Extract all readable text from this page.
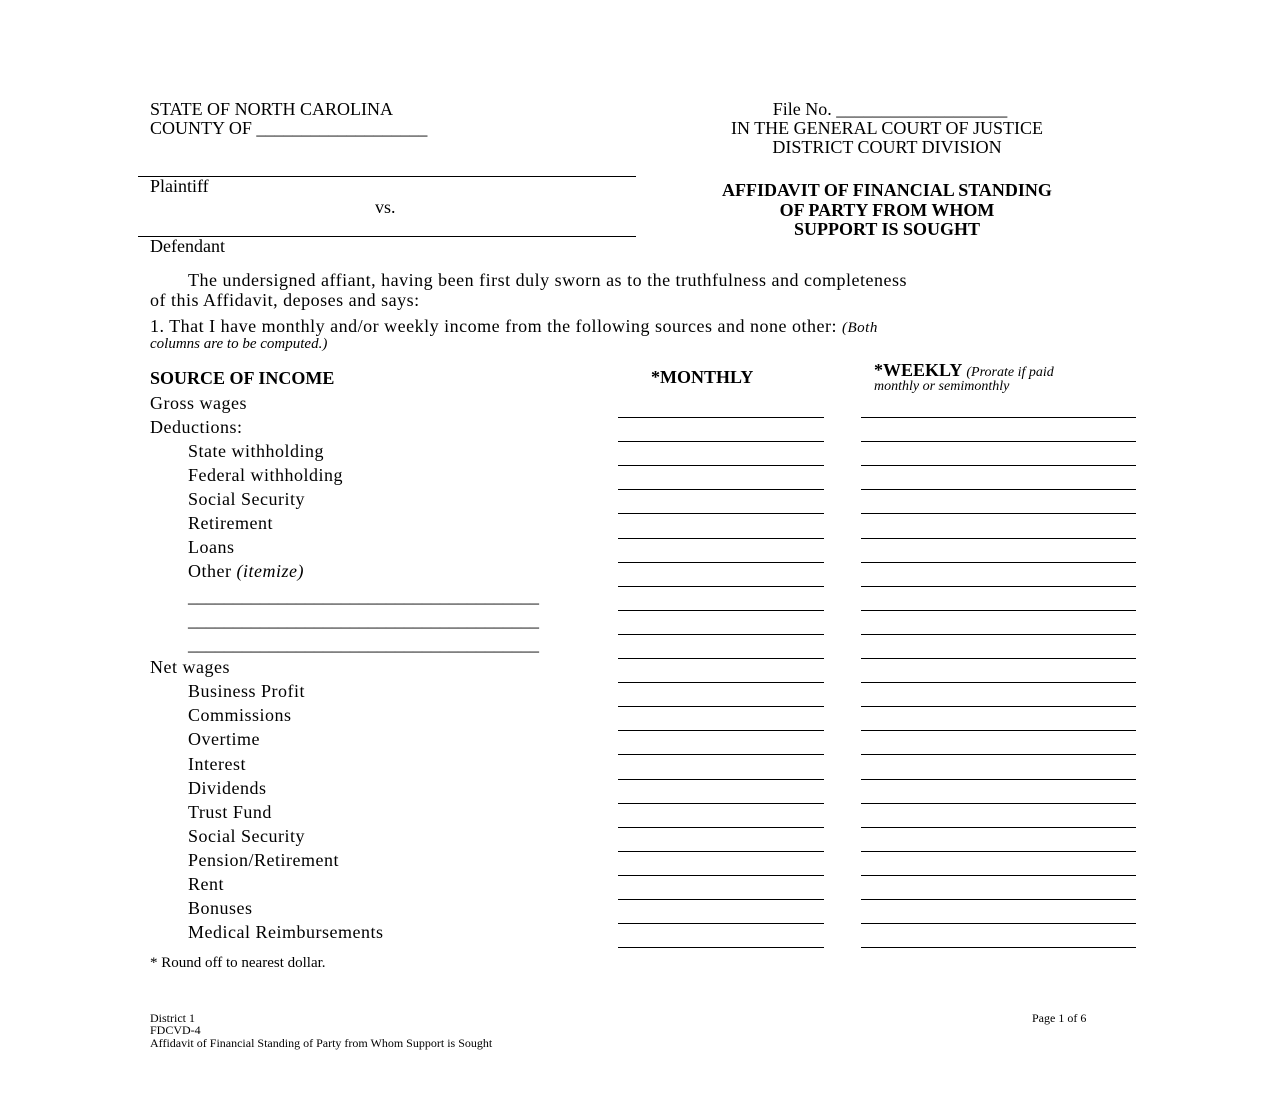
STATE OF NORTH CAROLINA
COUNTY OF ___________________
File No. ___________________
IN THE GENERAL COURT OF JUSTICE
DISTRICT COURT DIVISION
Plaintiff
vs.
Defendant
AFFIDAVIT OF FINANCIAL STANDING
OF PARTY FROM WHOM
SUPPORT IS SOUGHT
The undersigned affiant, having been first duly sworn as to the truthfulness and completeness
of this Affidavit, deposes and says:
1. That I have monthly and/or weekly income from the following sources and none other: (Both
columns are to be computed.)
SOURCE OF INCOME	*MONTHLY	*WEEKLY (Prorate if paid
monthly or semimonthly
Gross wages
Deductions:
State withholding
Federal withholding
Social Security
Retirement
Loans
Other (itemize)
_______________________________________
_______________________________________
_______________________________________
Net wages
Business Profit
Commissions
Overtime
Interest
Dividends
Trust Fund
Social Security
Pension/Retirement
Rent
Bonuses
Medical Reimbursements
* Round off to nearest dollar.
District 1
FDCVD-4
Affidavit of Financial Standing of Party from Whom Support is Sought
Page 1 of 6
